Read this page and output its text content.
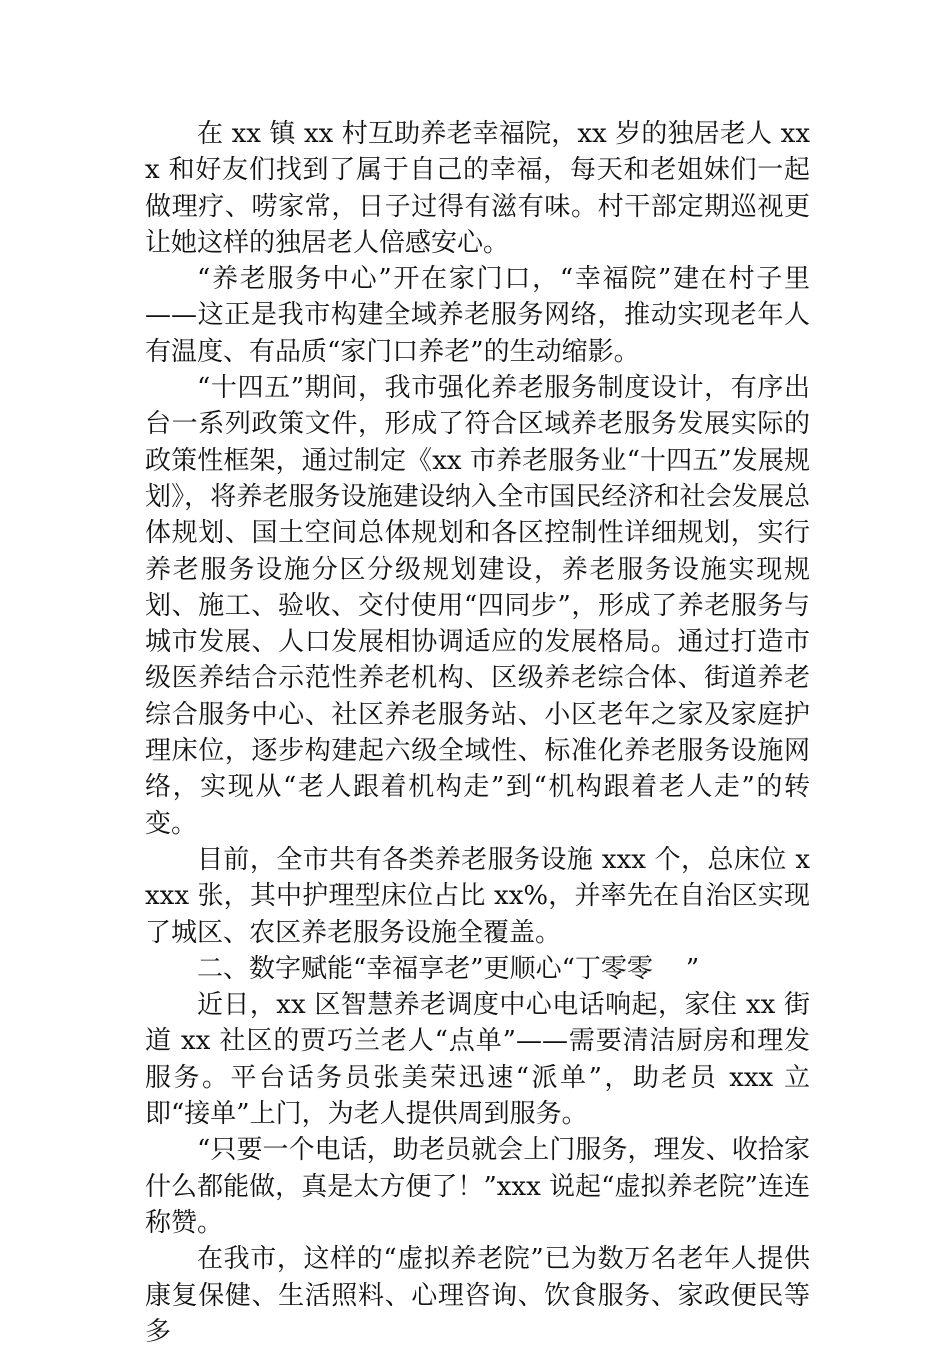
在 xx 镇 xx 村互助养老幸福院，xx 岁的独居老人 xxx 和好友们找到了属于自己的幸福，每天和老姐妹们一起做理疗、唠家常，日子过得有滋有味。村干部定期巡视更让她这样的独居老人倍感安心。

“养老服务中心”开在家门口，“幸福院”建在村子里——这正是我市构建全域养老服务网络，推动实现老年人有温度、有品质“家门口养老”的生动缩影。

“十四五”期间，我市强化养老服务制度设计，有序出台一系列政策文件，形成了符合区域养老服务发展实际的政策性框架，通过制定《xx 市养老服务业“十四五”发展规划》，将养老服务设施建设纳入全市国民经济和社会发展总体规划、国土空间总体规划和各区控制性详细规划，实行养老服务设施分区分级规划建设，养老服务设施实现规划、施工、验收、交付使用“四同步”，形成了养老服务与城市发展、人口发展相协调适应的发展格局。通过打造市级医养结合示范性养老机构、区级养老综合体、街道养老综合服务中心、社区养老服务站、小区老年之家及家庭护理床位，逐步构建起六级全域性、标准化养老服务设施网络，实现从“老人跟着机构走”到“机构跟着老人走”的转变。

目前，全市共有各类养老服务设施 xxx 个，总床位 xxxx 张，其中护理型床位占比 xx%，并率先在自治区实现了城区、农区养老服务设施全覆盖。

二、数字赋能“幸福享老”更顺心“丁零零    ”

近日，xx 区智慧养老调度中心电话响起，家住 xx 街道 xx 社区的贾巧兰老人“点单”——需要清洁厨房和理发服务。平台话务员张美荣迅速“派单”，助老员 xxx 立即“接单”上门，为老人提供周到服务。

“只要一个电话，助老员就会上门服务，理发、收拾家什么都能做，真是太方便了！”xxx 说起“虚拟养老院”连连称赞。

在我市，这样的“虚拟养老院”已为数万名老年人提供康复保健、生活照料、心理咨询、饮食服务、家政便民等多
